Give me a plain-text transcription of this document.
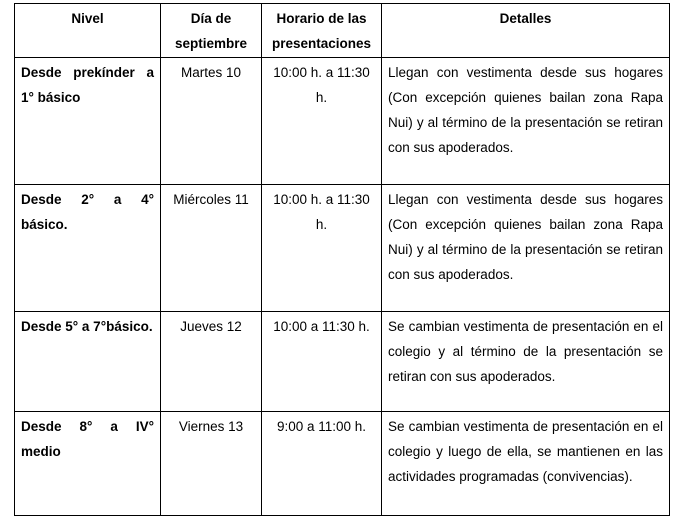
Nivel	Día de septiembre	Horario de las presentaciones	Detalles
Desde prekínder a 1° básico	Martes 10	10:00 h. a 11:30 h.	Llegan con vestimenta desde sus hogares (Con excepción quienes bailan zona Rapa Nui) y al término de la presentación se retiran con sus apoderados.
Desde 2° a 4° básico.	Miércoles 11	10:00 h. a 11:30 h.	Llegan con vestimenta desde sus hogares (Con excepción quienes bailan zona Rapa Nui) y al término de la presentación se retiran con sus apoderados.
Desde 5° a 7°básico.	Jueves 12	10:00 a 11:30 h.	Se cambian vestimenta de presentación en el colegio y al término de la presentación se retiran con sus apoderados.
Desde 8° a IV° medio	Viernes 13	9:00 a 11:00 h.	Se cambian vestimenta de presentación en el colegio y luego de ella, se mantienen en las actividades programadas (convivencias).
